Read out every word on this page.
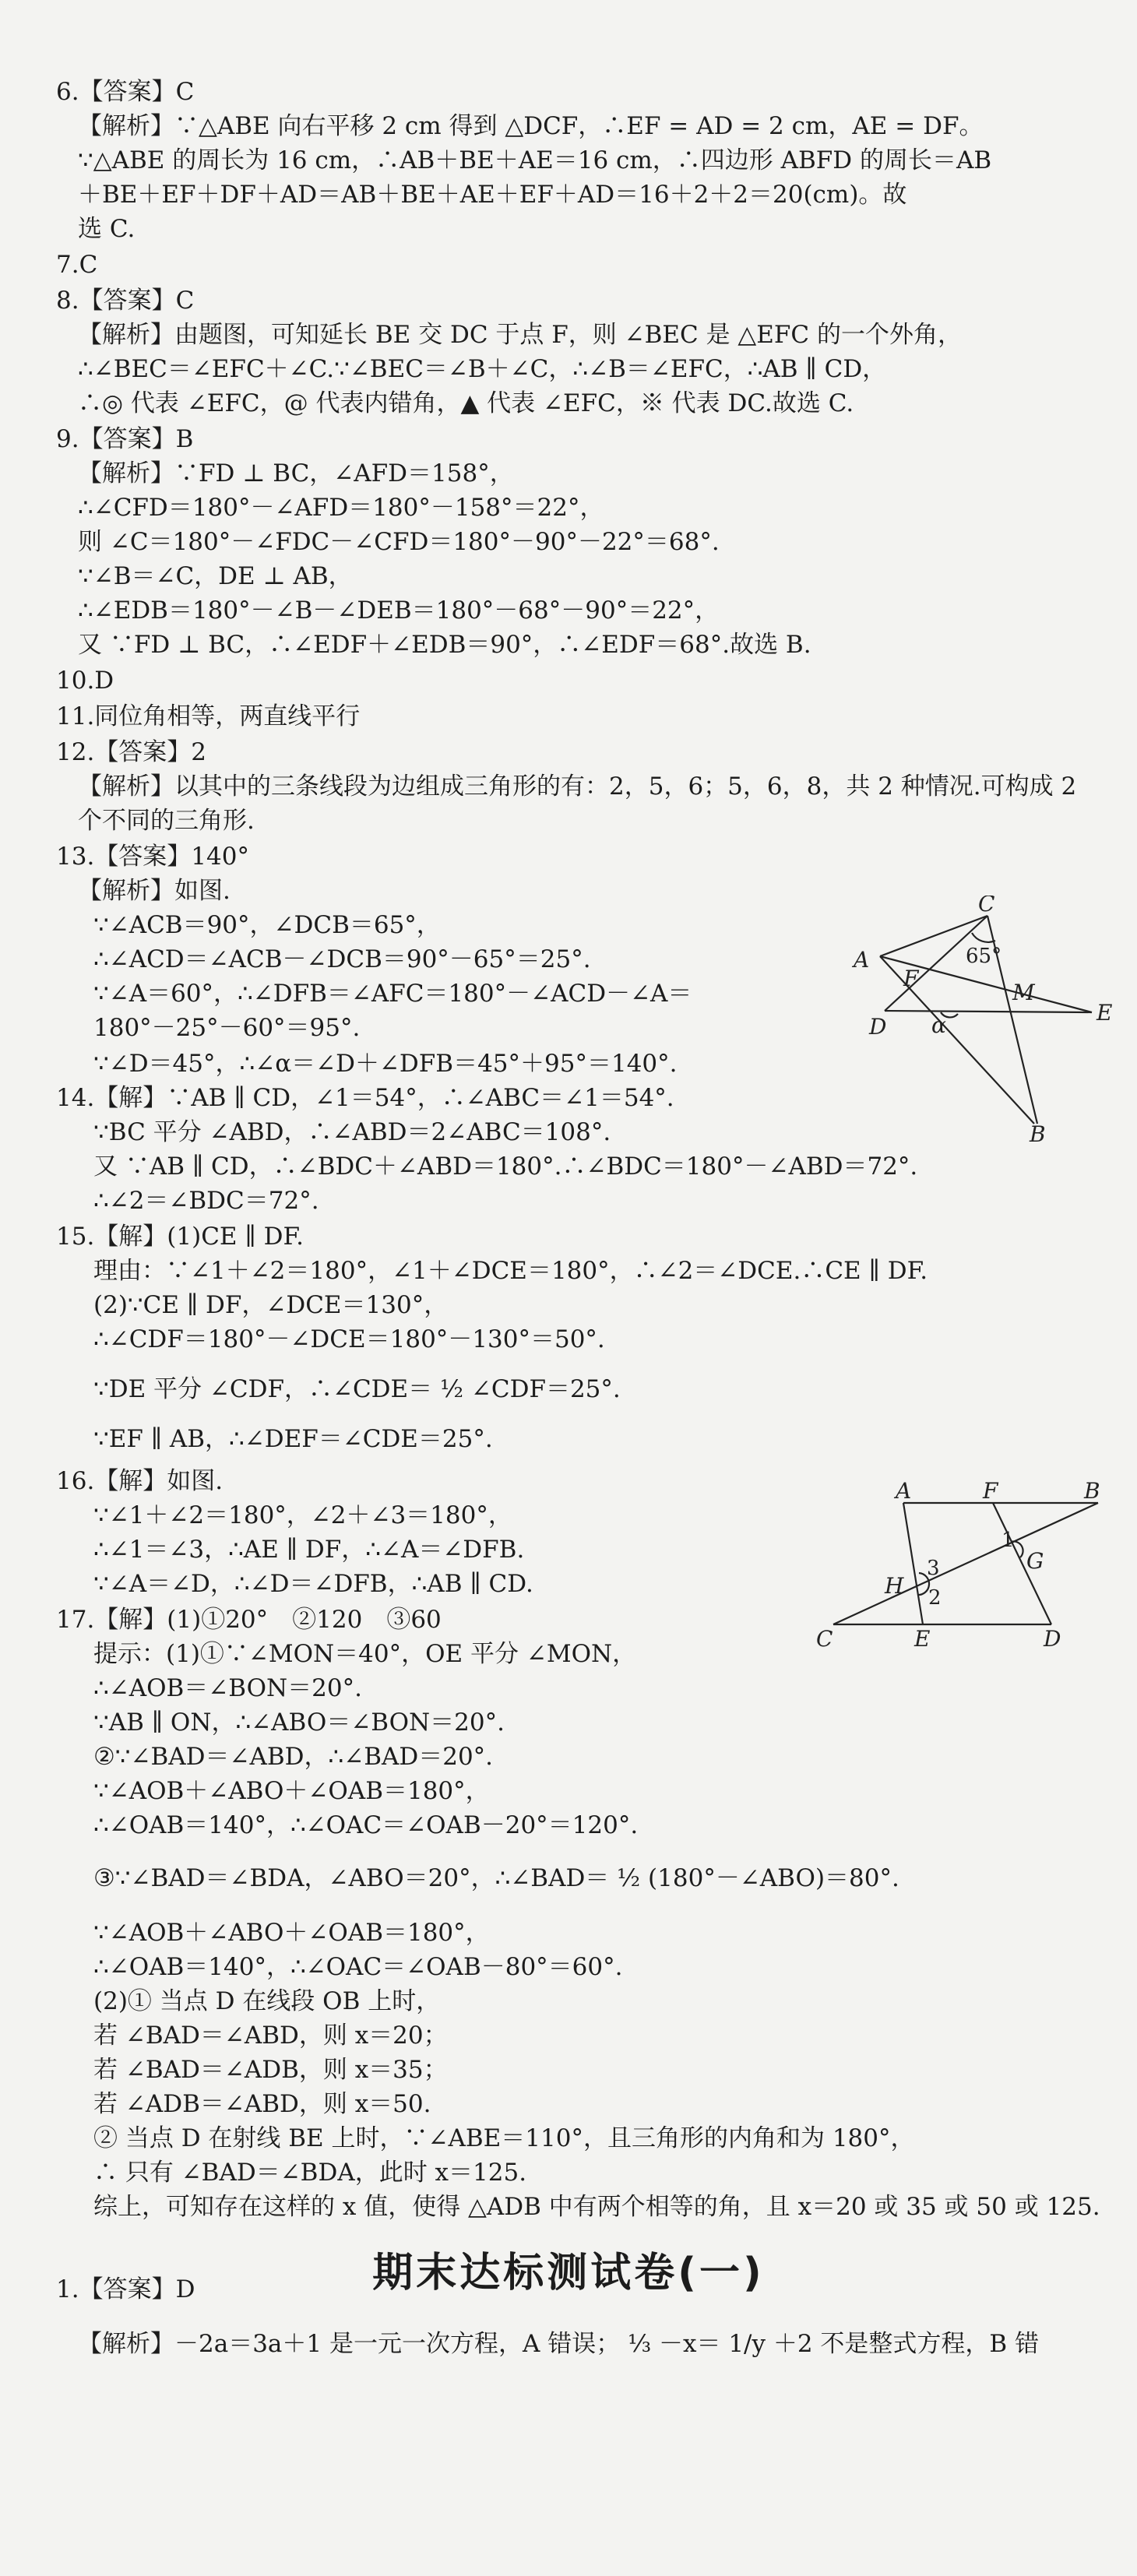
6.【答案】C
【解析】∵△ABE 向右平移 2 cm 得到 △DCF，∴EF = AD = 2 cm，AE = DF。
∵△ABE 的周长为 16 cm，∴AB＋BE＋AE＝16 cm，∴四边形 ABFD 的周长＝AB
＋BE＋EF＋DF＋AD＝AB＋BE＋AE＋EF＋AD＝16＋2＋2＝20(cm)。故
选 C.
7.C
8.【答案】C
【解析】由题图，可知延长 BE 交 DC 于点 F，则 ∠BEC 是 △EFC 的一个外角，
∴∠BEC＝∠EFC＋∠C.∵∠BEC＝∠B＋∠C，∴∠B＝∠EFC，∴AB ∥ CD，
∴◎ 代表 ∠EFC，@ 代表内错角，▲ 代表 ∠EFC，※ 代表 DC.故选 C.
9.【答案】B
【解析】∵FD ⊥ BC，∠AFD＝158°，
∴∠CFD＝180°－∠AFD＝180°－158°＝22°，
则 ∠C＝180°－∠FDC－∠CFD＝180°－90°－22°＝68°.
∵∠B＝∠C，DE ⊥ AB，
∴∠EDB＝180°－∠B－∠DEB＝180°－68°－90°＝22°，
又 ∵FD ⊥ BC，∴∠EDF＋∠EDB＝90°，∴∠EDF＝68°.故选 B.
10.D
11.同位角相等，两直线平行
12.【答案】2
【解析】以其中的三条线段为边组成三角形的有：2，5，6；5，6，8，共 2 种情况.可构成 2
个不同的三角形.
13.【答案】140°
【解析】如图.
∵∠ACB＝90°，∠DCB＝65°，
∴∠ACD＝∠ACB－∠DCB＝90°－65°＝25°.
∵∠A＝60°，∴∠DFB＝∠AFC＝180°－∠ACD－∠A＝
180°－25°－60°＝95°.
∵∠D＝45°，∴∠α＝∠D＋∠DFB＝45°＋95°＝140°.
14.【解】∵AB ∥ CD，∠1＝54°，∴∠ABC＝∠1＝54°.
∵BC 平分 ∠ABD，∴∠ABD＝2∠ABC＝108°.
又 ∵AB ∥ CD，∴∠BDC＋∠ABD＝180°.∴∠BDC＝180°－∠ABD＝72°.
∴∠2＝∠BDC＝72°.
15.【解】(1)CE ∥ DF.
理由：∵∠1＋∠2＝180°，∠1＋∠DCE＝180°，∴∠2＝∠DCE.∴CE ∥ DF.
(2)∵CE ∥ DF，∠DCE＝130°，
∴∠CDF＝180°－∠DCE＝180°－130°＝50°.
∵DE 平分 ∠CDF，∴∠CDE＝ ½ ∠CDF＝25°.
∵EF ∥ AB，∴∠DEF＝∠CDE＝25°.
16.【解】如图.
∵∠1＋∠2＝180°，∠2＋∠3＝180°，
∴∠1＝∠3，∴AE ∥ DF，∴∠A＝∠DFB.
∵∠A＝∠D，∴∠D＝∠DFB，∴AB ∥ CD.
17.【解】(1)①20°　②120　③60
提示：(1)①∵∠MON＝40°，OE 平分 ∠MON，
∴∠AOB＝∠BON＝20°.
∵AB ∥ ON，∴∠ABO＝∠BON＝20°.
②∵∠BAD＝∠ABD，∴∠BAD＝20°.
∵∠AOB＋∠ABO＋∠OAB＝180°，
∴∠OAB＝140°，∴∠OAC＝∠OAB－20°＝120°.
③∵∠BAD＝∠BDA，∠ABO＝20°，∴∠BAD＝ ½ (180°－∠ABO)＝80°.
∵∠AOB＋∠ABO＋∠OAB＝180°，
∴∠OAB＝140°，∴∠OAC＝∠OAB－80°＝60°.
(2)① 当点 D 在线段 OB 上时，
若 ∠BAD＝∠ABD，则 x＝20；
若 ∠BAD＝∠ADB，则 x＝35；
若 ∠ADB＝∠ABD，则 x＝50.
② 当点 D 在射线 BE 上时，∵∠ABE＝110°，且三角形的内角和为 180°，
∴ 只有 ∠BAD＝∠BDA，此时 x＝125.
综上，可知存在这样的 x 值，使得 △ADB 中有两个相等的角，且 x＝20 或 35 或 50 或 125.
1.【答案】D
【解析】－2a＝3a＋1 是一元一次方程，A 错误； ⅓ －x＝ 1/y ＋2 不是整式方程，B 错
期末达标测试卷(一)
A
C
65°
F
M
E
D α
B
A	F	B
1
G
3
H 2
C	E	D
